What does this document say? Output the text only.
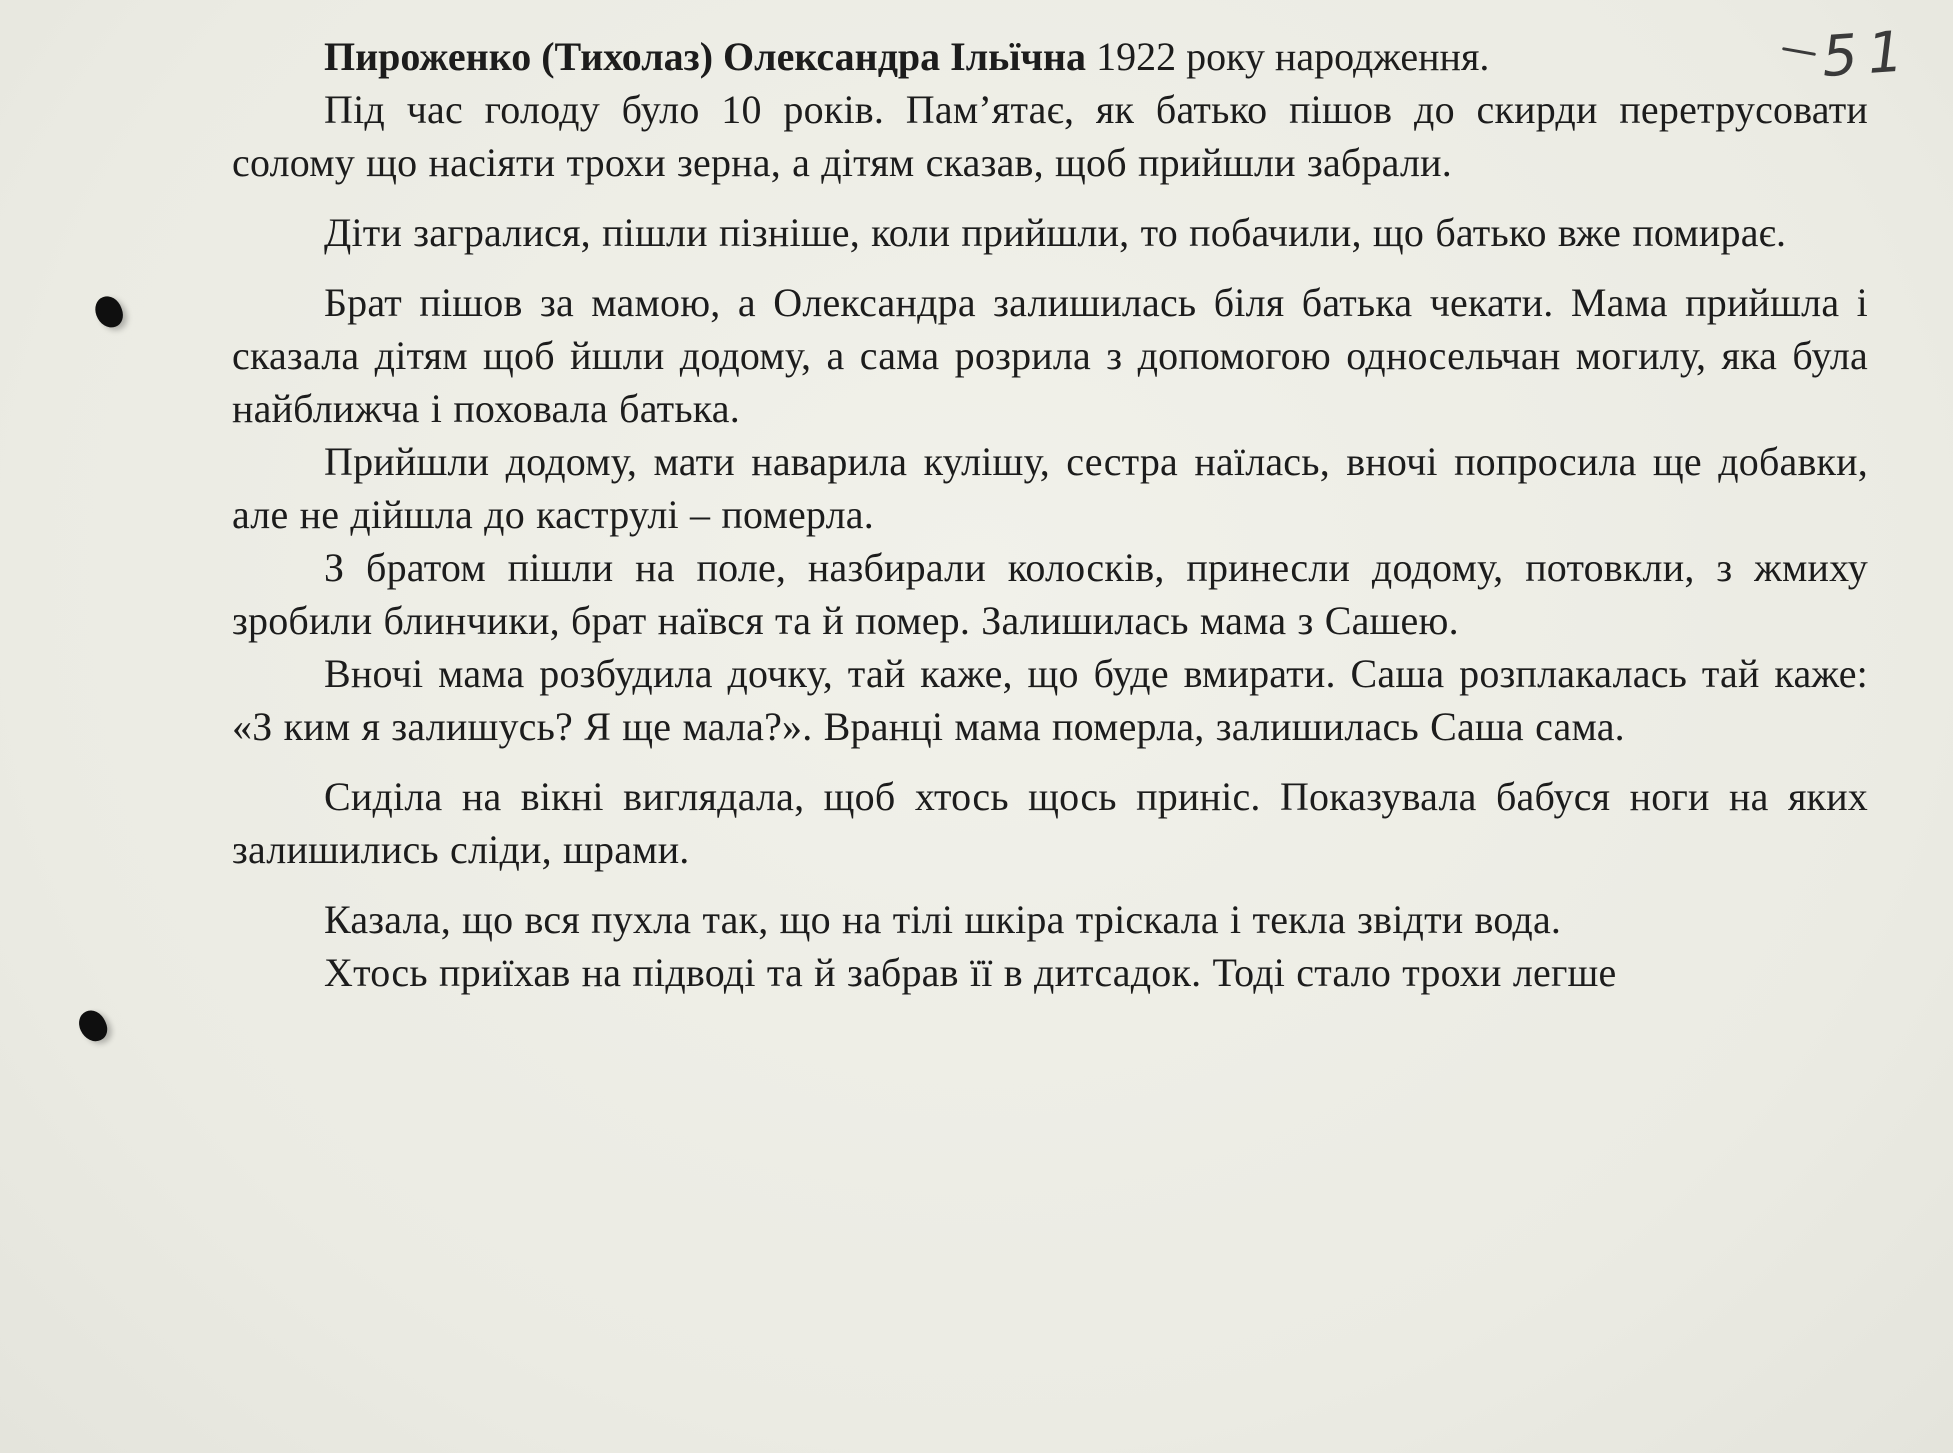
51

Пироженко (Тихолаз) Олександра Ільїчна 1922 року народження.

Під час голоду було 10 років. Пам’ятає, як батько пішов до скирди перетрусовати солому що насіяти трохи зерна, а дітям сказав, щоб прийшли забрали.

Діти загралися, пішли пізніше, коли прийшли, то побачили, що батько вже помирає.

Брат пішов за мамою, а Олександра залишилась біля батька чекати. Мама прийшла і сказала дітям щоб йшли додому, а сама розрила з допомогою односельчан могилу, яка була найближча і поховала батька.

Прийшли додому, мати наварила кулішу, сестра наїлась, вночі попросила ще добавки, але не дійшла до каструлі – померла.

З братом пішли на поле, назбирали колосків, принесли додому, потовкли, з жмиху зробили блинчики, брат наївся та й помер. Залишилась мама з Сашею.

Вночі мама розбудила дочку, тай каже, що буде вмирати. Саша розплакалась тай каже: «З ким я залишусь? Я ще мала?». Вранці мама померла, залишилась Саша сама.

Сиділа на вікні виглядала, щоб хтось щось приніс. Показувала бабуся ноги на яких залишились сліди, шрами.

Казала, що вся пухла так, що на тілі шкіра тріскала і текла звідти вода.

Хтось приїхав на підводі та й забрав її в дитсадок. Тоді стало трохи легше
